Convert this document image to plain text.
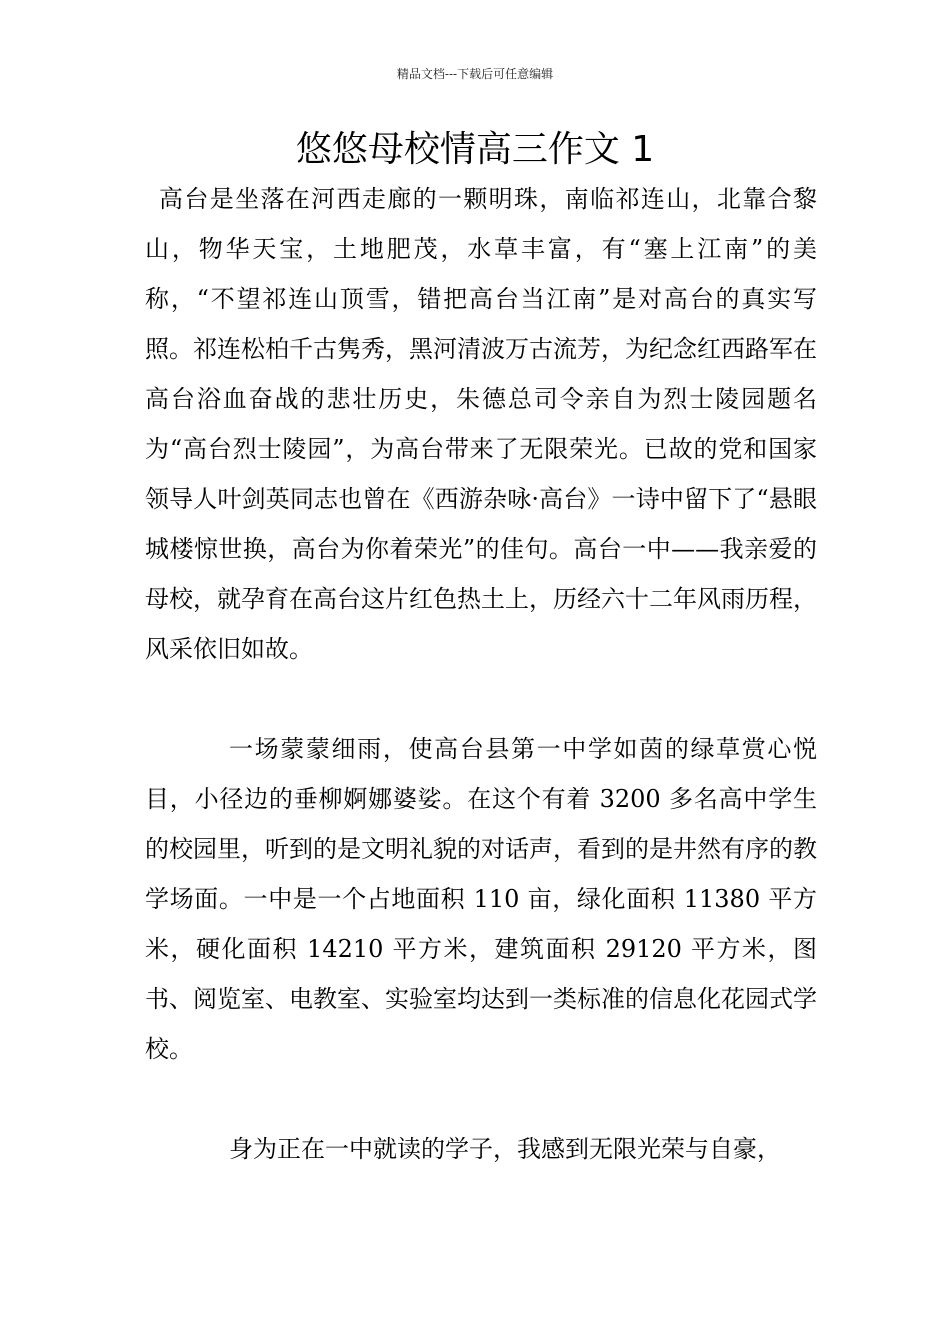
精品文档---下载后可任意编辑
悠悠母校情高三作文 1

高台是坐落在河西走廊的一颗明珠，南临祁连山，北靠合黎山，物华天宝，土地肥茂，水草丰富，有“塞上江南”的美称，“不望祁连山顶雪，错把高台当江南”是对高台的真实写照。祁连松柏千古隽秀，黑河清波万古流芳，为纪念红西路军在高台浴血奋战的悲壮历史，朱德总司令亲自为烈士陵园题名为“高台烈士陵园”，为高台带来了无限荣光。已故的党和国家领导人叶剑英同志也曾在《西游杂咏·高台》一诗中留下了“悬眼城楼惊世换，高台为你着荣光”的佳句。高台一中——我亲爱的母校，就孕育在高台这片红色热土上，历经六十二年风雨历程，风采依旧如故。

一场蒙蒙细雨，使高台县第一中学如茵的绿草赏心悦目，小径边的垂柳婀娜婆娑。在这个有着 3200 多名高中学生的校园里，听到的是文明礼貌的对话声，看到的是井然有序的教学场面。一中是一个占地面积 110 亩，绿化面积 11380 平方米，硬化面积 14210 平方米，建筑面积 29120 平方米，图书、阅览室、电教室、实验室均达到一类标准的信息化花园式学校。

身为正在一中就读的学子，我感到无限光荣与自豪，
